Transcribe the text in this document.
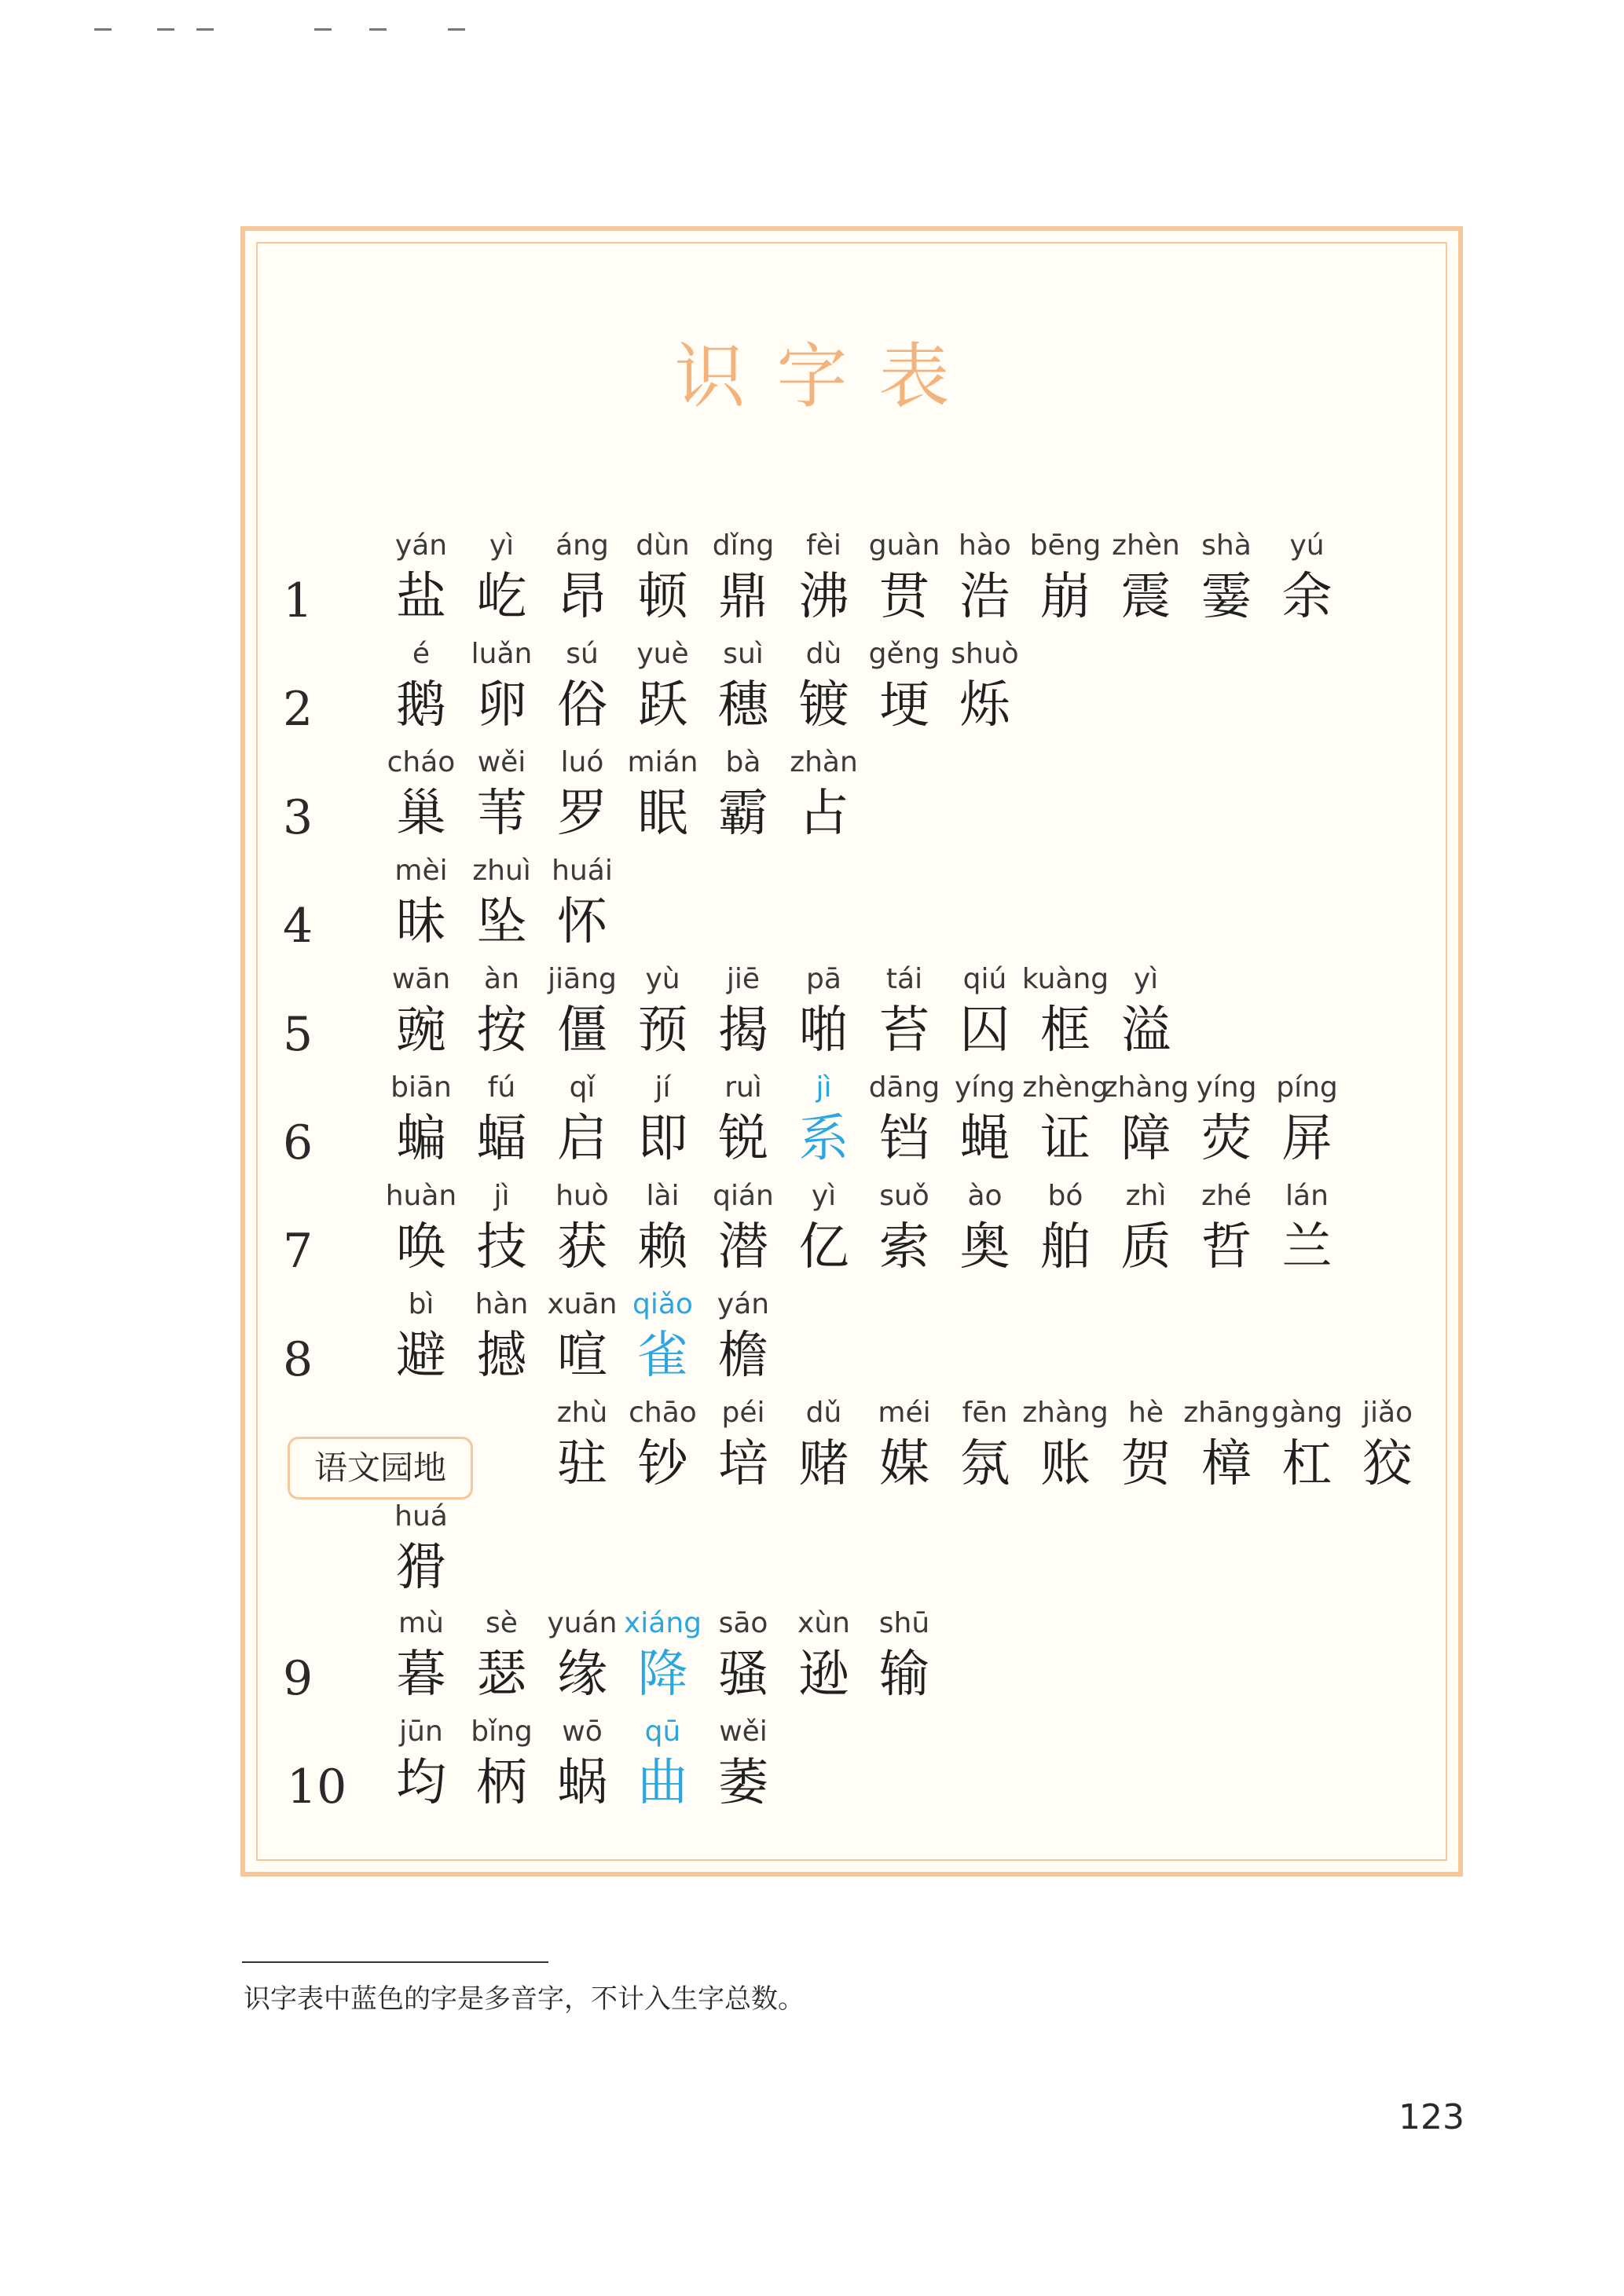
识字表
1
yán
盐
yì
屹
áng
昂
dùn
顿
dǐng
鼎
fèi
沸
guàn
贯
hào
浩
bēng
崩
zhèn
震
shà
霎
yú
余
2
é
鹅
luǎn
卵
sú
俗
yuè
跃
suì
穗
dù
镀
gěng
埂
shuò
烁
3
cháo
巢
wěi
苇
luó
罗
mián
眠
bà
霸
zhàn
占
4
mèi
昧
zhuì
坠
huái
怀
5
wān
豌
àn
按
jiāng
僵
yù
预
jiē
揭
pā
啪
tái
苔
qiú
囚
kuàng
框
yì
溢
6
biān
蝙
fú
蝠
qǐ
启
jí
即
ruì
锐
jì
系
dāng
铛
yíng
蝇
zhèng
证
zhàng
障
yíng
荧
píng
屏
7
huàn
唤
jì
技
huò
获
lài
赖
qián
潜
yì
亿
suǒ
索
ào
奥
bó
舶
zhì
质
zhé
哲
lán
兰
8
bì
避
hàn
撼
xuān
喧
qiǎo
雀
yán
檐
语文园地
zhù
驻
chāo
钞
péi
培
dǔ
赌
méi
媒
fēn
氛
zhàng
账
hè
贺
zhāng
樟
gàng
杠
jiǎo
狡
huá
猾
9
mù
暮
sè
瑟
yuán
缘
xiáng
降
sāo
骚
xùn
逊
shū
输
10
jūn
均
bǐng
柄
wō
蜗
qū
曲
wěi
萎
识字表中蓝色的字是多音字，不计入生字总数。
123
